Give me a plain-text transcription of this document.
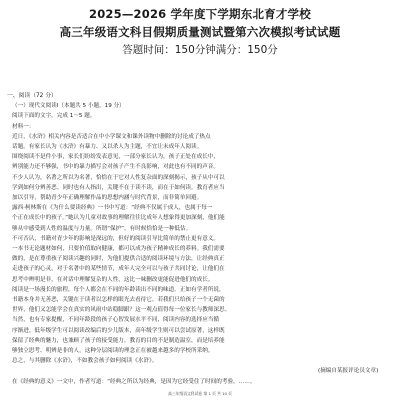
2025—2026 学年度下学期东北育才学校
高三年级语文科目假期质量测试暨第六次模拟考试试题
答题时间：150分钟满分：150分
一、阅读（72 分）
（一）现代文阅读Ⅰ（本题共 5 小题，19 分）
阅读下面的文字，完成 1～5 题。
材料一：
近日，《水浒》相关内容是否适合在中小学课文和课外读物中删除的讨论成了热点
话题。有家长认为《水浒》有暴力、又以杀人为主题，不宜让未成年人阅读。
围绕阅读不是件小事，家长们纷纷发表意见，一部分家长认为，孩子正处在成长中，
辨别能力还不够强，书中的暴力描写会对孩子产生不良影响，对此也有不同的声音。
不少人认为，名著之所以为名著，恰恰在于它对人性复杂面的深刻揭示，孩子从中可以
学到如何分辨善恶。同时也有人指出，关键不在于读不读，而在于如何读。教育者应当
加以引导，帮助青少年正确理解作品的思想内涵与时代背景，而非简单回避。
露西·柯林斯在《为什么要读经典》一书中写道：“经典不仅属于成人，也属于每一
个正在成长中的孩子。”她认为儿童对故事的理解往往比成年人想象得更加深刻，他们能
够从中感受到人性的温度与力量。所谓“保护”，有时候恰恰是一种低估。
不可否认，书籍对青少年的影响是深远的，但好的阅读引导比简单的禁止更有意义。
一本书无论题材如何，只要价值取向健康，都可以成为孩子精神成长的养料。我们需要
做的，是在尊重孩子阅读兴趣的同时，为他们提供合适的阅读环境与方法，让经典真正
走进孩子的心灵。对于名著中的某些情节，成年人完全可以与孩子共同讨论，让他们在
思考中辨明是非，在对话中理解复杂的人性，这比一味删改更能促进他们的成长。
阅读是一场漫长的旅程，每个人都会在不同的年龄读出不同的味道。正如有学者所说，
书籍本身并无善恶，关键在于读者以怎样的眼光去看待它。若我们只给孩子一个无菌的
世界，他们又怎能学会在真实的风雨中站稳脚跟？这一观点值得每一位家长与教师深思。
当然，也有专家提醒，不同年龄段的孩子心智发展水平不同，阅读内容的选择应当循
序渐进。低年级学生可以阅读改编后的少儿版本，高年级学生则可以尝试原著，这样既
保留了经典的魅力，也兼顾了孩子的接受能力。教育的目的不是制造温室，而是培养能
够独立思考、明辨是非的人。这种分层阅读的理念正在被越来越多的学校所采纳。
总之，与其删除《水浒》，不如教会孩子如何阅读《水浒》。
(摘编自某报评论员文章)
在《经典的意义》一文中，作者写道：“经典之所以为经典，是因为它经受住了时间的考验，……。
高三年级语文科试卷 第 1 页 共 10 页
